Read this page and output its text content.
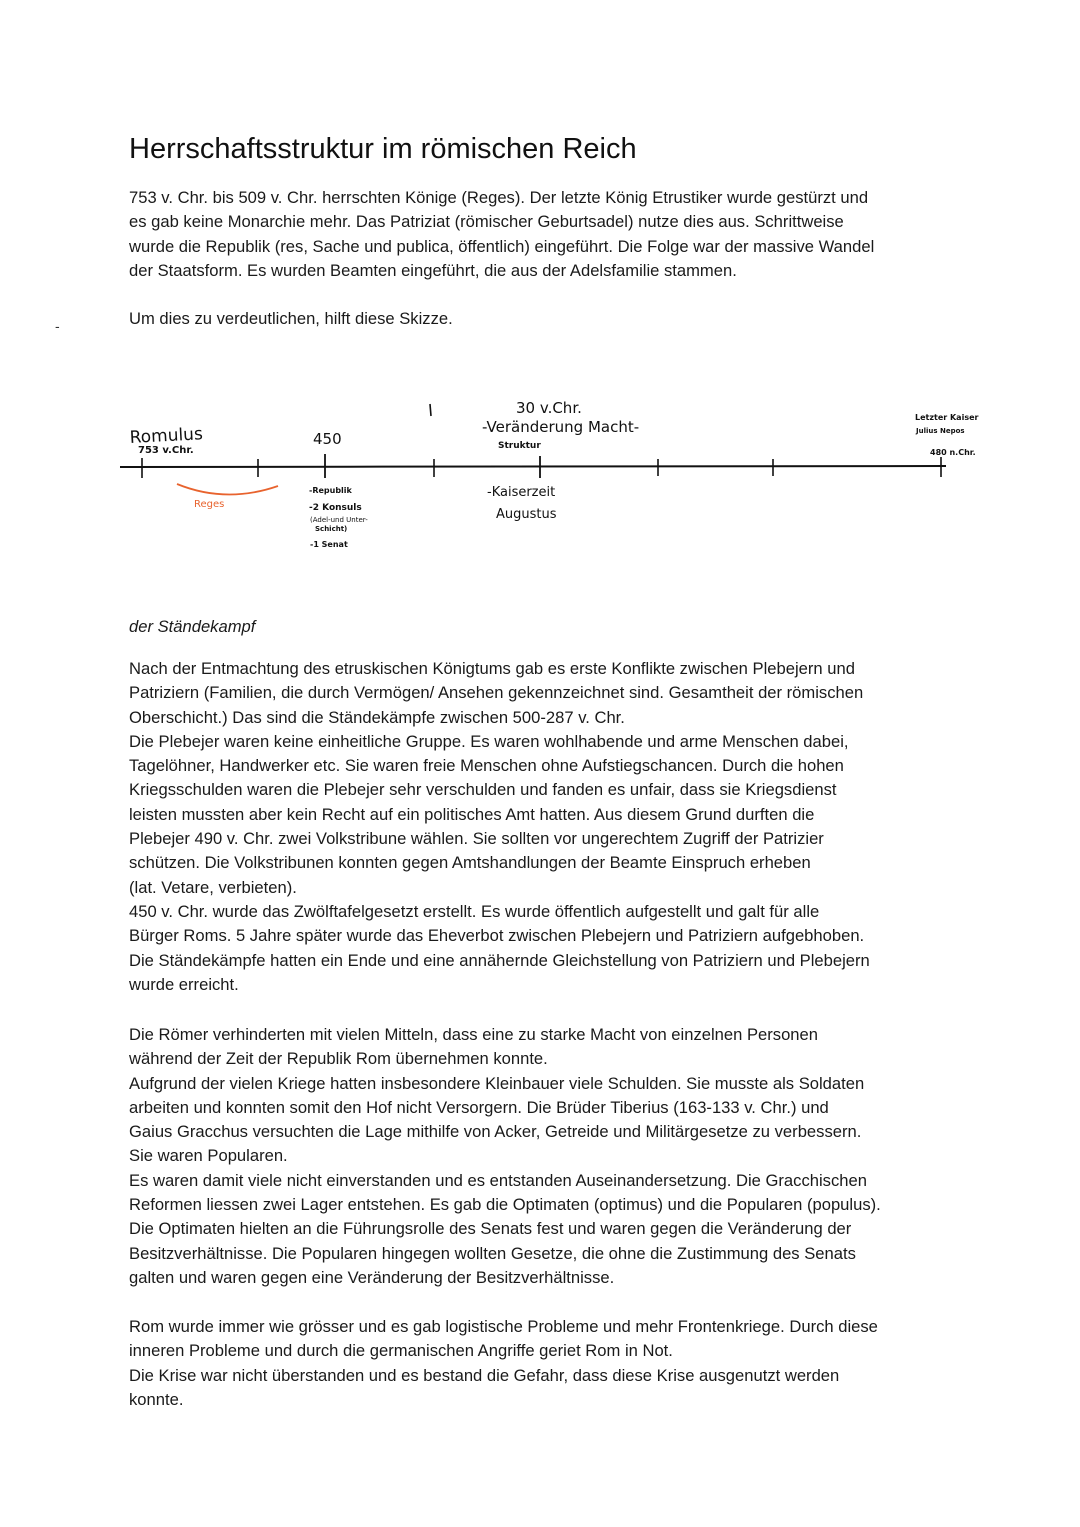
Herrschaftsstruktur im römischen Reich

753 v. Chr. bis 509 v. Chr. herrschten Könige (Reges). Der letzte König Etrustiker wurde gestürzt und

es gab keine Monarchie mehr. Das Patriziat (römischer Geburtsadel) nutze dies aus. Schrittweise

wurde die Republik (res, Sache und publica, öffentlich) eingeführt. Die Folge war der massive Wandel

der Staatsform. Es wurden Beamten eingeführt, die aus der Adelsfamilie stammen.

Um dies zu verdeutlichen, hilft diese Skizze.

-
Romulus
753 v.Chr.
Reges
450
-Republik
-2 Konsuls
(Adel-und Unter-
Schicht)
-1 Senat
30 v.Chr.
-Veränderung Macht-
Struktur
-Kaiserzeit
Augustus
Letzter Kaiser
Julius Nepos
480 n.Chr.
der Ständekampf

Nach der Entmachtung des etruskischen Königtums gab es erste Konflikte zwischen Plebejern und

Patriziern (Familien, die durch Vermögen/ Ansehen gekennzeichnet sind. Gesamtheit der römischen

Oberschicht.) Das sind die Ständekämpfe zwischen 500-287 v. Chr.

Die Plebejer waren keine einheitliche Gruppe. Es waren wohlhabende und arme Menschen dabei,

Tagelöhner, Handwerker etc. Sie waren freie Menschen ohne Aufstiegschancen. Durch die hohen

Kriegsschulden waren die Plebejer sehr verschulden und fanden es unfair, dass sie Kriegsdienst

leisten mussten aber kein Recht auf ein politisches Amt hatten. Aus diesem Grund durften die

Plebejer 490 v. Chr. zwei Volkstribune wählen. Sie sollten vor ungerechtem Zugriff der Patrizier

schützen. Die Volkstribunen konnten gegen Amtshandlungen der Beamte Einspruch erheben

(lat. Vetare, verbieten).

450 v. Chr. wurde das Zwölftafelgesetzt erstellt. Es wurde öffentlich aufgestellt und galt für alle

Bürger Roms. 5 Jahre später wurde das Eheverbot zwischen Plebejern und Patriziern aufgebhoben.

Die Ständekämpfe hatten ein Ende und eine annähernde Gleichstellung von Patriziern und Plebejern

wurde erreicht.

Die Römer verhinderten mit vielen Mitteln, dass eine zu starke Macht von einzelnen Personen

während der Zeit der Republik Rom übernehmen konnte.

Aufgrund der vielen Kriege hatten insbesondere Kleinbauer viele Schulden. Sie musste als Soldaten

arbeiten und konnten somit den Hof nicht Versorgern. Die Brüder Tiberius (163-133 v. Chr.) und

Gaius Gracchus versuchten die Lage mithilfe von Acker, Getreide und Militärgesetze zu verbessern.

Sie waren Popularen.

Es waren damit viele nicht einverstanden und es entstanden Auseinandersetzung. Die Gracchischen

Reformen liessen zwei Lager entstehen. Es gab die Optimaten (optimus) und die Popularen (populus).

Die Optimaten hielten an die Führungsrolle des Senats fest und waren gegen die Veränderung der

Besitzverhältnisse. Die Popularen hingegen wollten Gesetze, die ohne die Zustimmung des Senats

galten und waren gegen eine Veränderung der Besitzverhältnisse.

Rom wurde immer wie grösser und es gab logistische Probleme und mehr Frontenkriege. Durch diese

inneren Probleme und durch die germanischen Angriffe geriet Rom in Not.

Die Krise war nicht überstanden und es bestand die Gefahr, dass diese Krise ausgenutzt werden

konnte.
